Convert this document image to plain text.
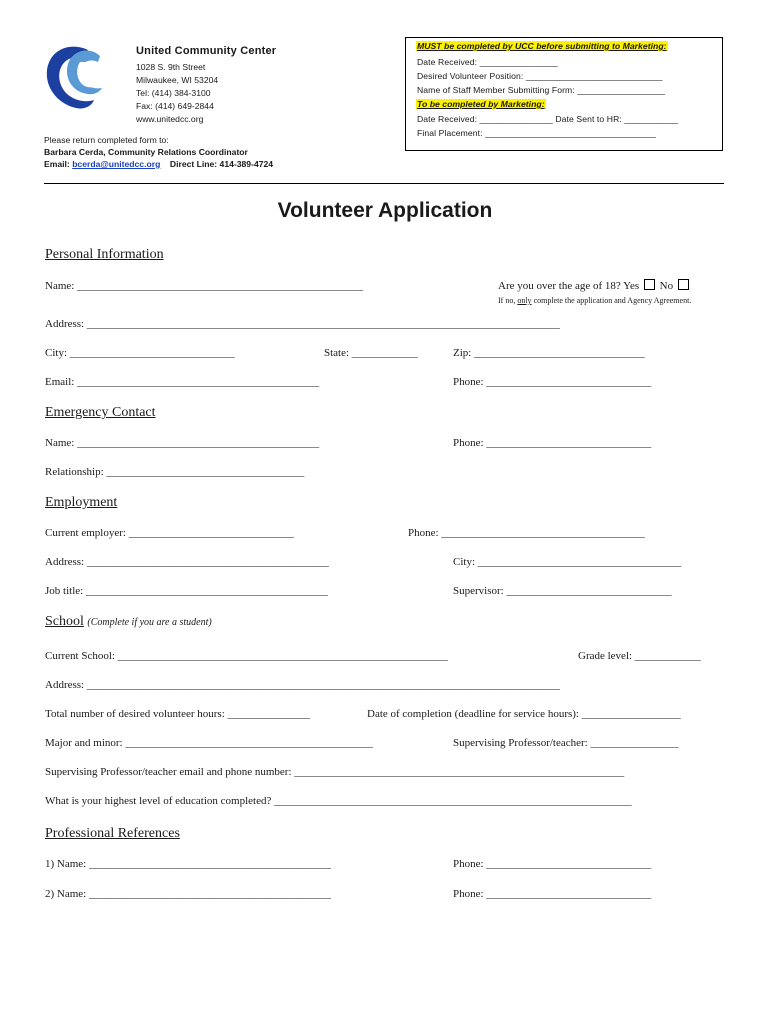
United Community Center
1028 S. 9th Street
Milwaukee, WI 53204
Tel: (414) 384-3100
Fax: (414) 649-2844
www.unitedcc.org
Please return completed form to:
Barbara Cerda, Community Relations Coordinator
Email: bcerda@unitedcc.org Direct Line: 414-389-4724
MUST be completed by UCC before submitting to Marketing:
Date Received: ________________
Desired Volunteer Position: ____________________________
Name of Staff Member Submitting Form: __________________
To be completed by Marketing:
Date Received: _______________ Date Sent to HR: ___________
Final Placement: ___________________________________
Volunteer Application
Personal Information
Name: ____________________________________________________	Are you over the age of 18? Yes No
If no, only complete the application and Agency Agreement.
Address: ______________________________________________________________________________________
City: ______________________________	State: ____________	Zip: _______________________________
Email: ____________________________________________	Phone: ______________________________
Emergency Contact
Name: ____________________________________________	Phone: ______________________________
Relationship: ____________________________________
Employment
Current employer: ______________________________	Phone: _____________________________________
Address: ____________________________________________	City: _____________________________________
Job title: ____________________________________________	Supervisor: ______________________________
School (Complete if you are a student)
Current School: ____________________________________________________________	Grade level: ____________
Address: ______________________________________________________________________________________
Total number of desired volunteer hours: _______________	Date of completion (deadline for service hours): __________________
Major and minor: _____________________________________________	Supervising Professor/teacher: ________________
Supervising Professor/teacher email and phone number: ____________________________________________________________
What is your highest level of education completed? _________________________________________________________________
Professional References
1) Name: ____________________________________________	Phone: ______________________________
2) Name: ____________________________________________	Phone: ______________________________
